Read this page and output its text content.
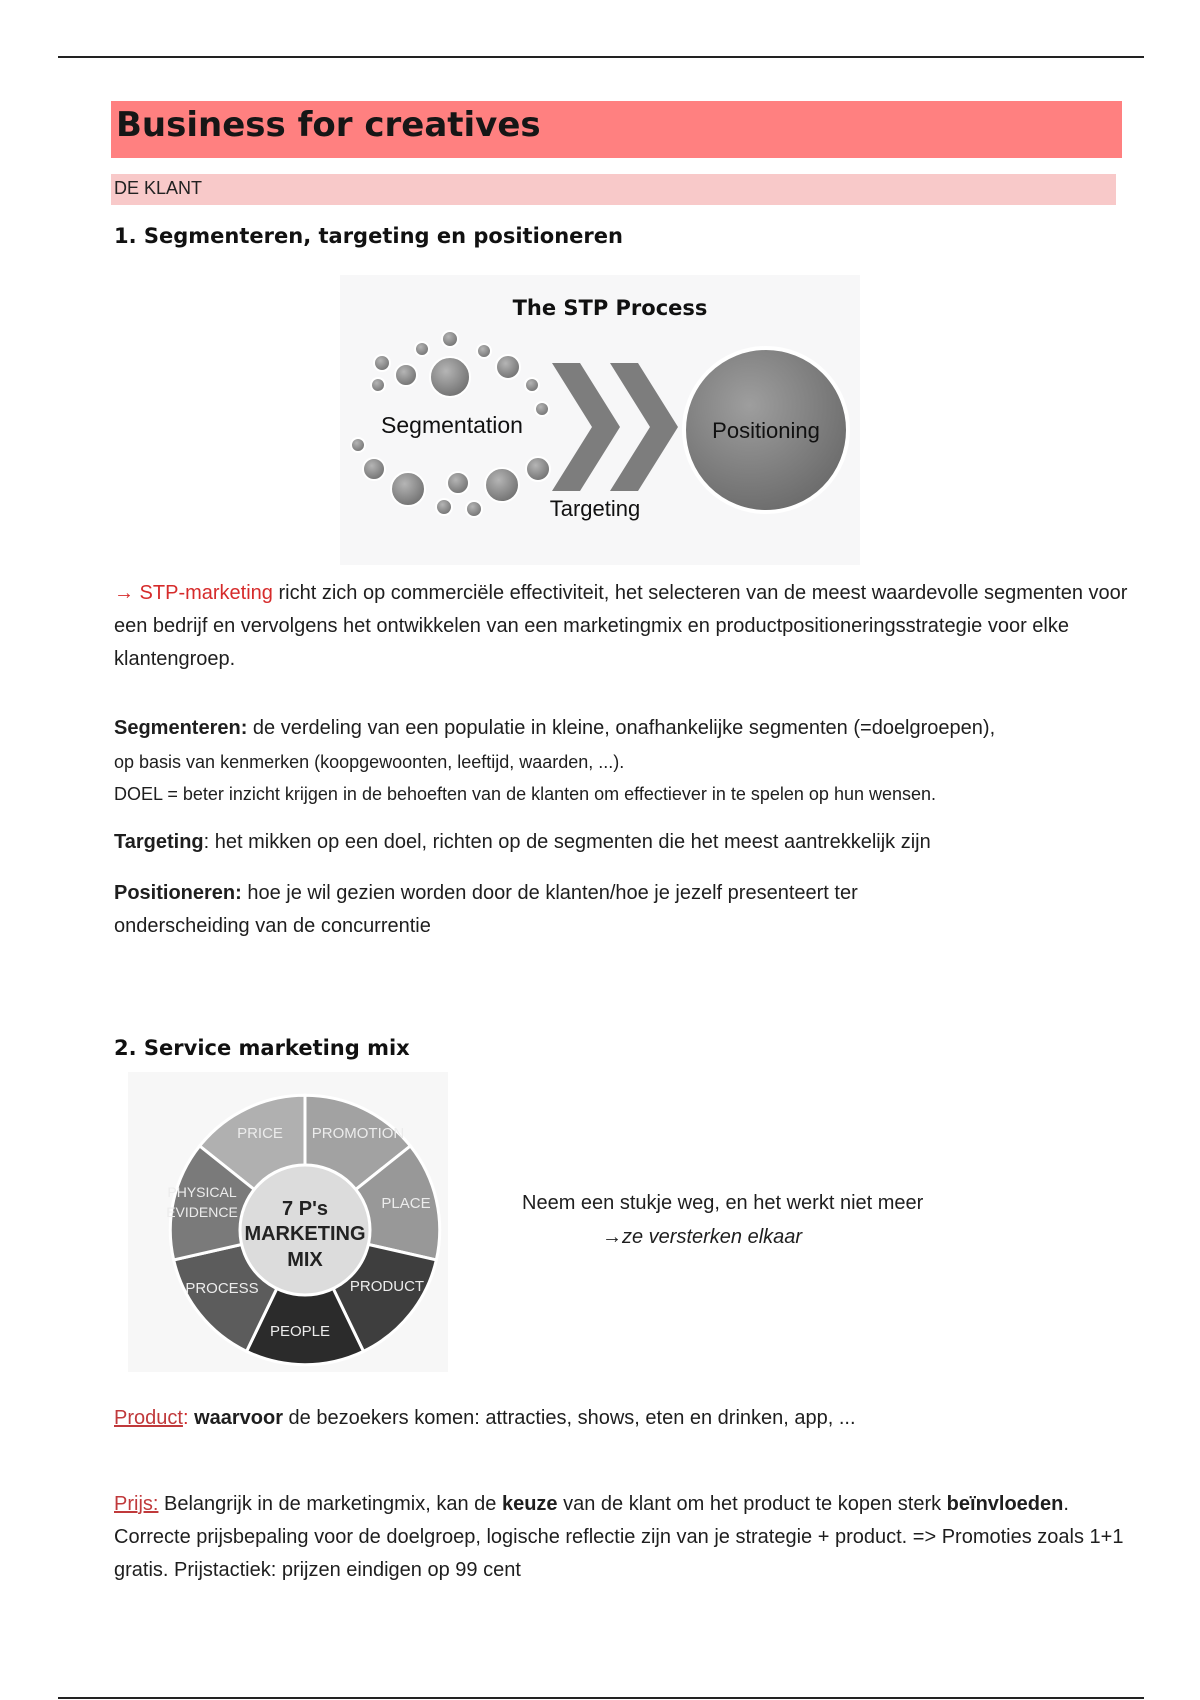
Business for creatives
DE KLANT
1. Segmenteren, targeting en positioneren
The STP Process
Segmentation
Targeting
Positioning

→ STP-marketing richt zich op commerciële effectiviteit, het selecteren van de meest waardevolle segmenten voor een bedrijf en vervolgens het ontwikkelen van een marketingmix en productpositioneringsstrategie voor elke klantengroep.

Segmenteren: de verdeling van een populatie in kleine, onafhankelijke segmenten (=doelgroepen),

op basis van kenmerken (koopgewoonten, leeftijd, waarden, ...).

DOEL = beter inzicht krijgen in de behoeften van de klanten om effectiever in te spelen op hun wensen.

Targeting: het mikken op een doel, richten op de segmenten die het meest aantrekkelijk zijn

Positioneren: hoe je wil gezien worden door de klanten/hoe je jezelf presenteert ter onderscheiding van de concurrentie

2. Service marketing mix
7 P's
MARKETING
MIX
PRICE PROMOTION
PLACE
PRODUCT
PEOPLE
PROCESS
PHYSICAL
EVIDENCE	Neem een stukje weg, en het werkt niet meer
→ze versterken elkaar

Product: waarvoor de bezoekers komen: attracties, shows, eten en drinken, app, ...

Prijs: Belangrijk in de marketingmix, kan de keuze van de klant om het product te kopen sterk beïnvloeden. Correcte prijsbepaling voor de doelgroep, logische reflectie zijn van je strategie + product. => Promoties zoals 1+1 gratis. Prijstactiek: prijzen eindigen op 99 cent
